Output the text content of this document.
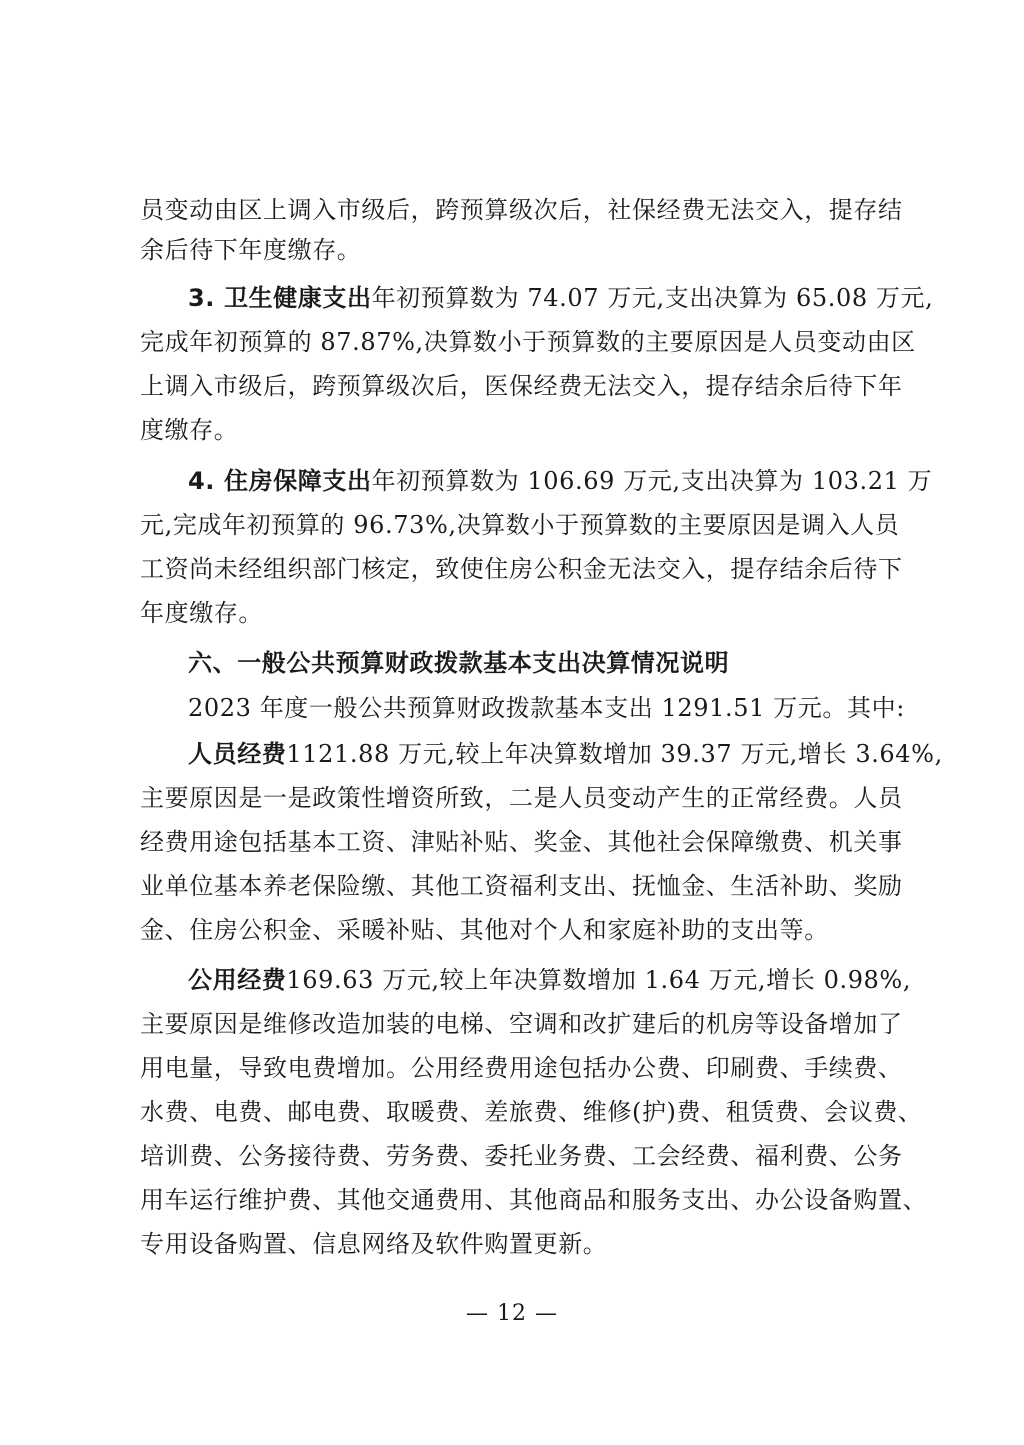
员变动由区上调入市级后，跨预算级次后，社保经费无法交入，提存结
余后待下年度缴存。
3. 卫生健康支出年初预算数为 74.07 万元,支出决算为 65.08 万元,
完成年初预算的 87.87%,决算数小于预算数的主要原因是人员变动由区
上调入市级后，跨预算级次后，医保经费无法交入，提存结余后待下年
度缴存。
4. 住房保障支出年初预算数为 106.69 万元,支出决算为 103.21 万
元,完成年初预算的 96.73%,决算数小于预算数的主要原因是调入人员
工资尚未经组织部门核定，致使住房公积金无法交入，提存结余后待下
年度缴存。
六、一般公共预算财政拨款基本支出决算情况说明
2023 年度一般公共预算财政拨款基本支出 1291.51 万元。其中:
人员经费1121.88 万元,较上年决算数增加 39.37 万元,增长 3.64%,
主要原因是一是政策性增资所致，二是人员变动产生的正常经费。人员
经费用途包括基本工资、津贴补贴、奖金、其他社会保障缴费、机关事
业单位基本养老保险缴、其他工资福利支出、抚恤金、生活补助、奖励
金、住房公积金、采暖补贴、其他对个人和家庭补助的支出等。
公用经费169.63 万元,较上年决算数增加 1.64 万元,增长 0.98%,
主要原因是维修改造加装的电梯、空调和改扩建后的机房等设备增加了
用电量，导致电费增加。公用经费用途包括办公费、印刷费、手续费、
水费、电费、邮电费、取暖费、差旅费、维修(护)费、租赁费、会议费、
培训费、公务接待费、劳务费、委托业务费、工会经费、福利费、公务
用车运行维护费、其他交通费用、其他商品和服务支出、办公设备购置、
专用设备购置、信息网络及软件购置更新。
— 12 —
